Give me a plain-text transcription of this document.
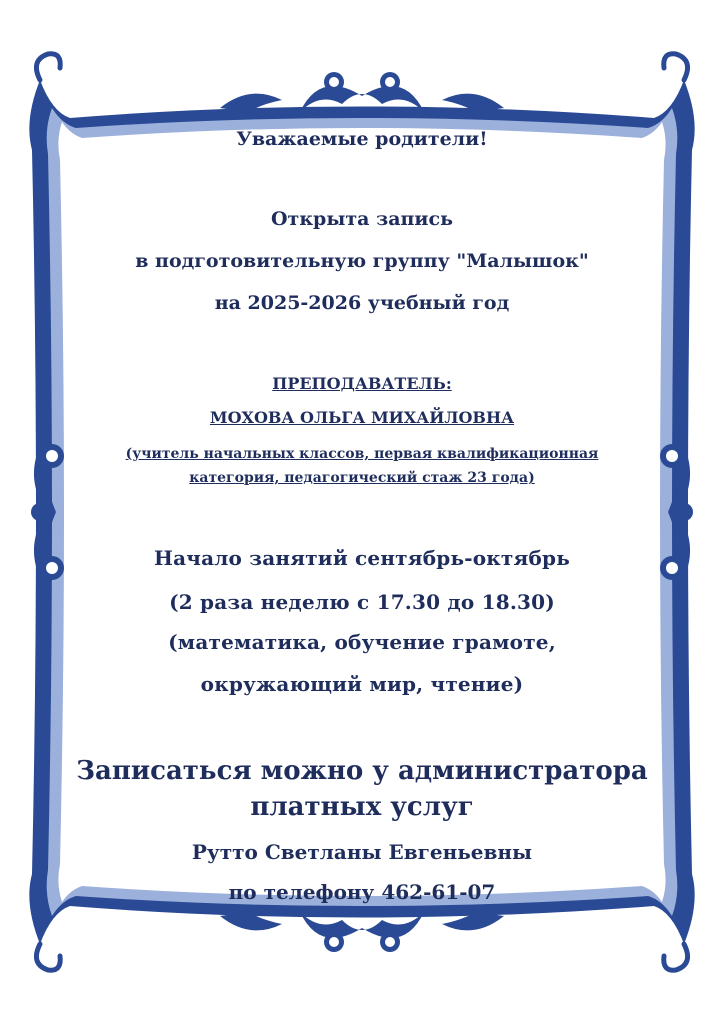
Уважаемые родители!

Открыта запись

в подготовительную группу "Малышок"

на 2025-2026 учебный год

ПРЕПОДАВАТЕЛЬ:

МОХОВА ОЛЬГА МИХАЙЛОВНА

(учитель начальных классов, первая квалификационная

категория, педагогический стаж 23 года)

Начало занятий сентябрь-октябрь

(2 раза неделю с 17.30 до 18.30)

(математика, обучение грамоте,

окружающий мир, чтение)

Записаться можно у администратора

платных услуг

Рутто Светланы Евгеньевны

по телефону 462-61-07
